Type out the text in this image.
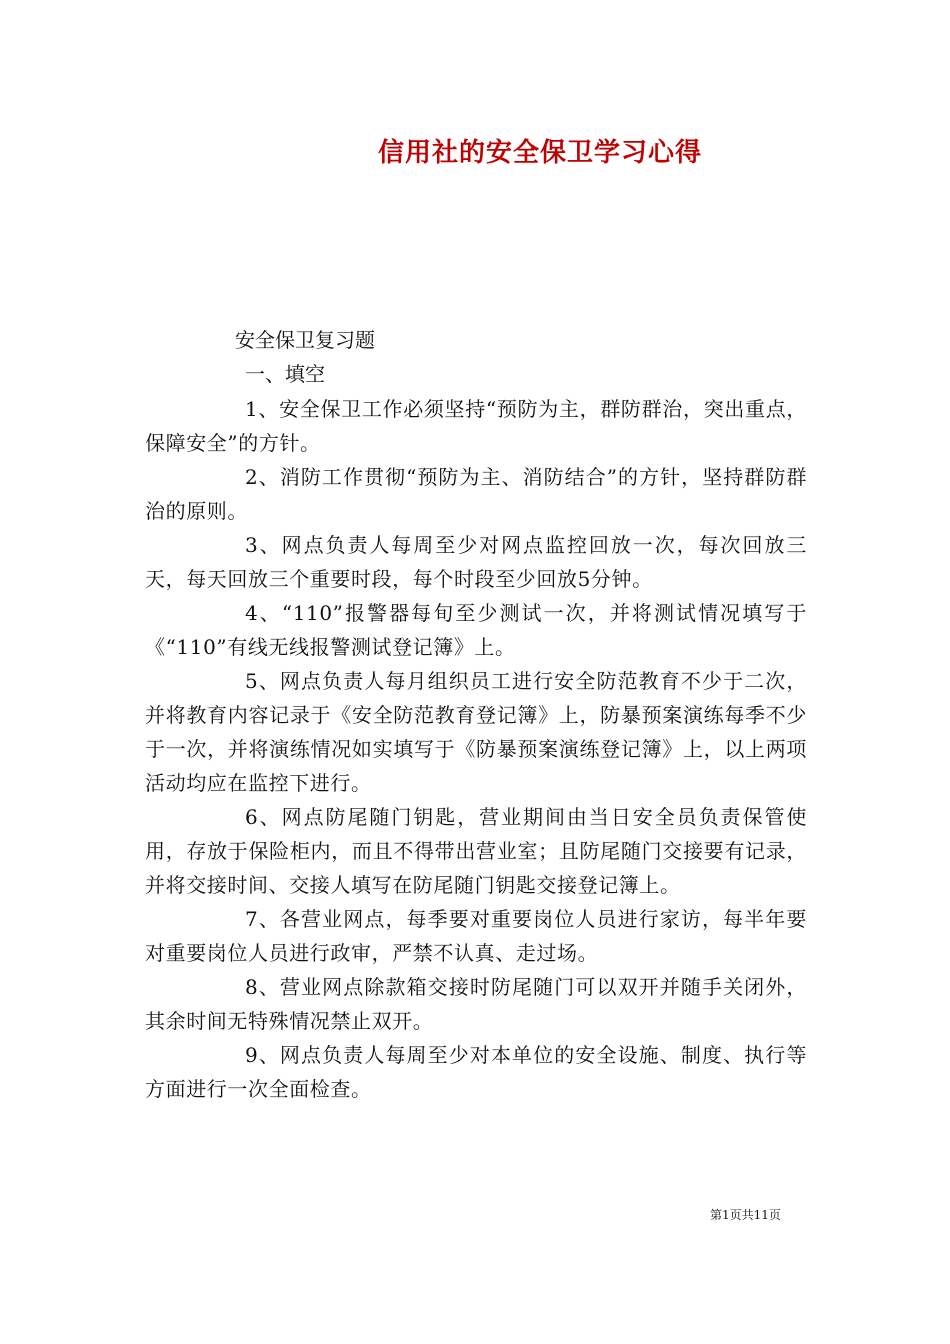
信用社的安全保卫学习心得
安全保卫复习题
一、填空

1、安全保卫工作必须坚持“预防为主，群防群治，突出重点，保障安全”的方针。

2、消防工作贯彻“预防为主、消防结合”的方针，坚持群防群治的原则。

3、网点负责人每周至少对网点监控回放一次，每次回放三天，每天回放三个重要时段，每个时段至少回放5分钟。

4、“110”报警器每旬至少测试一次，并将测试情况填写于《“110”有线无线报警测试登记簿》上。

5、网点负责人每月组织员工进行安全防范教育不少于二次，并将教育内容记录于《安全防范教育登记簿》上，防暴预案演练每季不少于一次，并将演练情况如实填写于《防暴预案演练登记簿》上，以上两项活动均应在监控下进行。

6、网点防尾随门钥匙，营业期间由当日安全员负责保管使用，存放于保险柜内，而且不得带出营业室；且防尾随门交接要有记录，并将交接时间、交接人填写在防尾随门钥匙交接登记簿上。

7、各营业网点，每季要对重要岗位人员进行家访，每半年要对重要岗位人员进行政审，严禁不认真、走过场。

8、营业网点除款箱交接时防尾随门可以双开并随手关闭外，其余时间无特殊情况禁止双开。

9、网点负责人每周至少对本单位的安全设施、制度、执行等方面进行一次全面检查。

第1页共11页
